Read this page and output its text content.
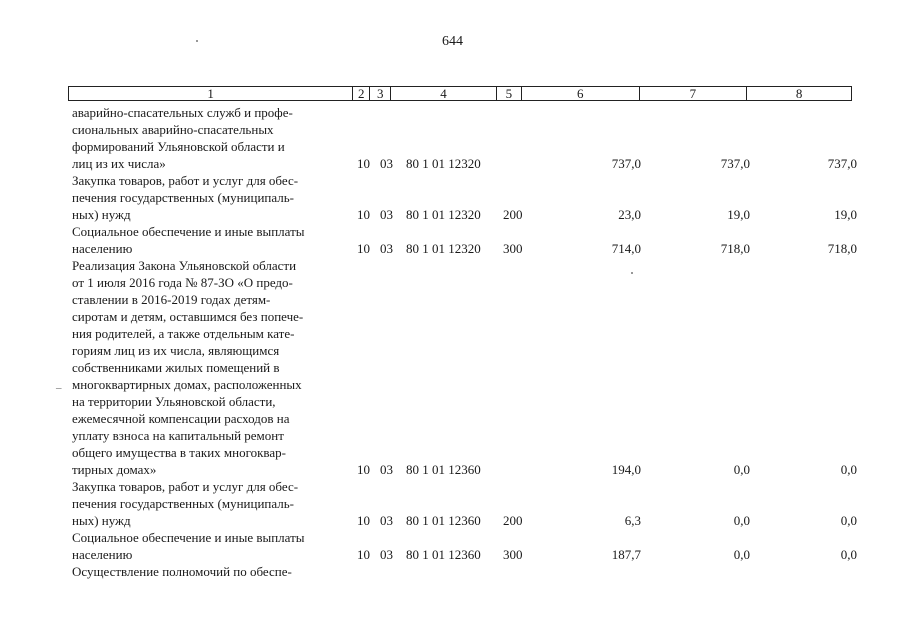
644
1	2 3	4	5	6	7	8
аварийно-спасательных служб и профе-
сиональных аварийно-спасательных
формирований Ульяновской области и
лиц из их числа»	10 03 80 1 01 12320	737,0	737,0	737,0
Закупка товаров, работ и услуг для обес-
печения государственных (муниципаль-
ных) нужд	10 03 80 1 01 12320 200	23,0	19,0	19,0
Социальное обеспечение и иные выплаты
населению	10 03 80 1 01 12320 300	714,0	718,0	718,0
Реализация Закона Ульяновской области
от 1 июля 2016 года № 87-ЗО «О предо-
ставлении в 2016-2019 годах детям-
сиротам и детям, оставшимся без попече-
ния родителей, а также отдельным кате-
гориям лиц из их числа, являющимся
собственниками жилых помещений в
многоквартирных домах, расположенных
на территории Ульяновской области,
ежемесячной компенсации расходов на
уплату взноса на капитальный ремонт
общего имущества в таких многоквар-
тирных домах»	10 03 80 1 01 12360	194,0	0,0	0,0
Закупка товаров, работ и услуг для обес-
печения государственных (муниципаль-
ных) нужд	10 03 80 1 01 12360 200	6,3	0,0	0,0
Социальное обеспечение и иные выплаты
населению	10 03 80 1 01 12360 300	187,7	0,0	0,0
Осуществление полномочий по обеспе-
–
